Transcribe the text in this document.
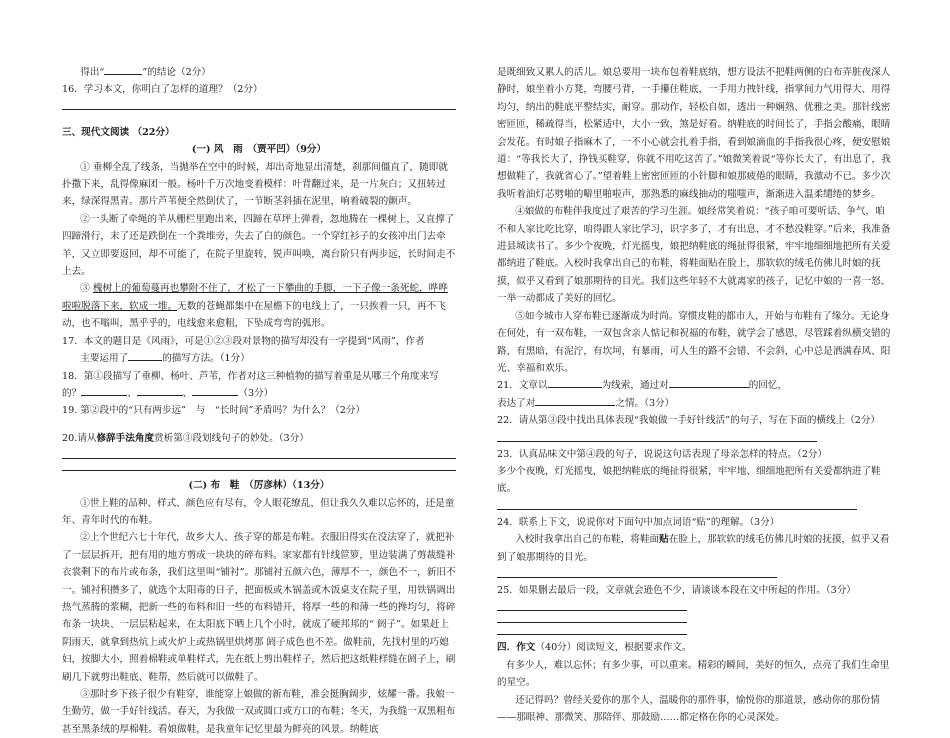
得出“	”的结论（2分）

16．学习本文，你明白了怎样的道理？（2分）

三、现代文阅读 （22分）

(一) 风　雨　（贾平凹）（9分）

① 垂柳全乱了线条，当抛举在空中的时候，却出奇地显出清楚，刹那间僵直了，随即就扑撒下来，乱得像麻团一般。杨叶千万次地变着模样：叶背翻过来，是一片灰白；又扭转过来，绿深得黑青。那片芦苇便全然倒伏了，一节断茎斜插在泥里，响着破裂的颤声。

②一头断了牵绳的羊从栅栏里跑出来，四蹄在草坪上弹着，忽地腾在一棵树上，又直撑了四蹄滑行，末了还是跌倒在一个粪堆旁，失去了白的颜色。一个穿红衫子的女孩冲出门去牵羊，又立即要返回，却不可能了，在院子里旋转，锐声叫唤，离台阶只有两步远，长时间走不上去。

③ 槐树上的葡萄蔓再也攀附不住了，才松了一下攀曲的手脚，一下子像一条死蛇，哗哗啦啦脱落下来，软成一堆。无数的苍蝇都集中在屋檐下的电线上了，一只挨着一只，再不飞动，也不嗡叫，黑乎乎的，电线愈来愈粗，下坠成弯弯的弧形。

17．本文的题目是《风雨》，可是①②③段对景物的描写却没有一字提到“风雨”，作者

主要运用了	的描写方法。（1分）

18．第①段描写了垂柳、杨叶、芦苇，作者对这三种植物的描写着重是从哪三个角度来写的？	、	、	（3分）

19. 第②段中的“只有两步远”　与　“长时间”矛盾吗？为什么？（2分）

20.请从修辞手法角度赏析第③段划线句子的妙处。（3分）

(二) 布　鞋　（厉彦林）（13分）

①世上鞋的品种、样式、颜色应有尽有，令人眼花缭乱，但让我久久难以忘怀的，还是童年、青年时代的布鞋。

②上个世纪六七十年代，故乡大人、孩子穿的都是布鞋。衣服旧得实在没法穿了，就把补了一层层拆开，把有用的地方剪成一块块的碎布料。家家都有针线笸箩，里边装满了剪裁缝补衣裳剩下的布片或布条，我们这里叫“铺衬”。那铺衬五颜六色，薄厚不一，颜色不一，新旧不一。铺衬积攒多了，就选个太阳毒的日子，把面板或木锅盖或木饭桌支在院子里，用铁锅调出热气蒸腾的浆糊，把新一些的布料和旧一些的布料错开，将厚一些的和薄一些的搀均匀，将碎布条一块块、一层层粘起来，在太阳底下晒上几个小时，就成了硬邦邦的“ 阏子”。如果赶上阴雨天，就拿到热炕上或火炉上或热锅里烘烤那 阏子成色也不差。做鞋前，先找村里的巧媳妇，按脚大小，照着棉鞋或单鞋样式，先在纸上剪出鞋样子，然后把这纸鞋样缝在阏子上，刷刷几下就剪出鞋底、鞋帮，然后就可以做鞋了。

③那时乡下孩子很少有鞋穿，谁能穿上娘做的新布鞋，准会挺胸阔步，炫耀一番。我娘一生勤劳，做一手好针线活。春天，为我做一双或圆口或方口的布鞋；冬天，为我缝一双黑粗布甚至黑条绒的厚棉鞋。看娘做鞋，是我童年记忆里最为鲜亮的风景。纳鞋底

是既细致又累人的活儿。娘总要用一块布包着鞋底纳，想方设法不把鞋两侧的白布弄脏夜深人静时，娘坐着小方凳，弯腰弓背，一手攥住鞋底，一手用力拽针线，指掌间力气用得大、用得均匀，纳出的鞋底平整结实，耐穿。那动作，轻松自如，透出一种娴熟、优雅之美。那针线密密匝匝，稀疏得当，松紧适中，大小一致，煞是好看。纳鞋底的时间长了，手指会酸痛，眼睛会发花。有时娘子指麻木了，一不小心就会扎着手指，看到娘滴血的手指我很心疼，便安慰娘道：“等我长大了，挣钱买鞋穿，你就不用吃这苦了。”娘微笑着说“等你长大了，有出息了，我想做鞋了，我就省心了。”望着鞋上密密匝匝的小针脚和娘那疲倦的眼睛，我激动不已。多少次我听着油灯芯劈啪的噼里啪啦声，那熟悉的麻线抽动的嗤嗤声，渐渐进入温柔缱绻的梦乡。

④娘做的布鞋伴我度过了艰苦的学习生涯。娘经常笑着说：“孩子咱可要听话、争气，咱不和人家比吃比穿，咱得跟人家比学习，识字多了，才有出息，才不愁没鞋穿。”后来，我准备进县城读书了。多少个夜晚，灯光摇曳，娘把纳鞋底的绳扯得很紧，牢牢地细细地把所有关爱都纳进了鞋底。入校时我拿出自己的布鞋，将鞋面贴在脸上，那软软的绒毛仿佛儿时娘的抚摸，似乎又看到了娘那期待的目光。我们这些年轻不大就离家的孩子，记忆中娘的一喜一怒、一举一动都成了美好的回忆。

⑤如今城市人穿布鞋已逐渐成为时尚。穿惯皮鞋的都市人，开始与布鞋有了缘分。无论身在何处，有一双布鞋，一双包含亲人惦记和祝福的布鞋，就学会了感恩，尽管踩着纵横交错的路，有黑暗，有泥泞，有坎坷，有暴雨，可人生的路不会错、不会斜，心中总是洒满春风、阳光、幸福和欢乐。

21．文章以	为线索，通过对	的回忆，

表达了对	之情。（3分）

22．请从第③段中找出具体表现“我娘做一手好针线活”的句子，写在下面的横线上（2分）

23．认真品味文中第④段的句子，说说这句话表现了母亲怎样的特点。（2分）

多少个夜晚，灯光摇曳，娘把纳鞋底的绳扯得很紧，牢牢地、细细地把所有关爱都纳进了鞋底。

24．联系上下文，说说你对下面句中加点词语“贴”的理解。（3分）

入校时我拿出自己的布鞋，将鞋面贴在脸上，那软软的绒毛仿佛儿时娘的抚摸，似乎又看到了娘那期待的目光。

25．如果删去最后一段，文章就会逊色不少，请谈谈本段在文中所起的作用。（3分）

四．作文（40分）阅读短文，根据要求作文。

有多少人，难以忘怀；有多少事，可以重来。精彩的瞬间，美好的恒久，点亮了我们生命里的星空。

还记得吗？曾经关爱你的那个人，温暖你的那件事，愉悦你的那道景，感动你的那份情——那眼神、那微笑、那陪伴、那鼓励……都定格在你的心灵深处。
